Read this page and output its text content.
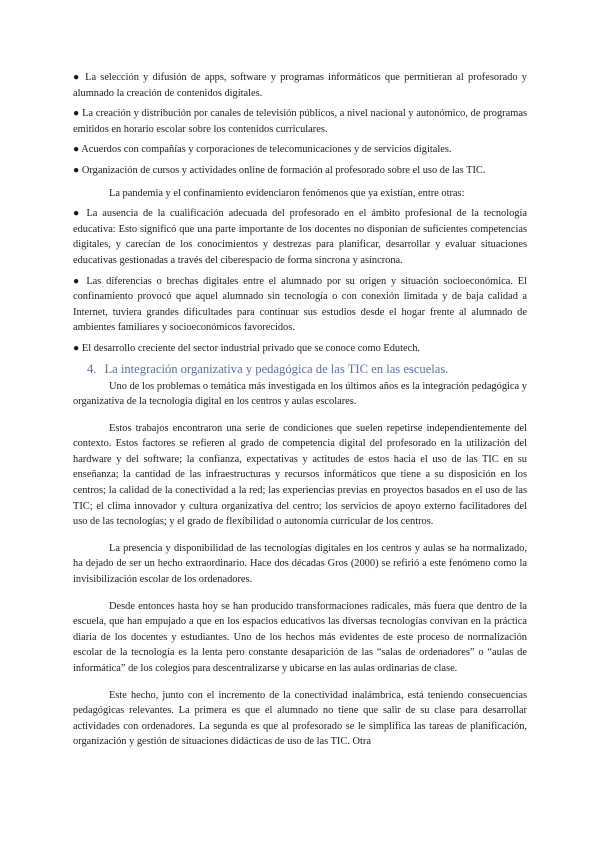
● La selección y difusión de apps, software y programas informáticos que permitieran al profesorado y alumnado la creación de contenidos digitales.

● La creación y distribución por canales de televisión públicos, a nivel nacional y autonómico, de programas emitidos en horario escolar sobre los contenidos curriculares.

● Acuerdos con compañías y corporaciones de telecomunicaciones y de servicios digitales.

● Organización de cursos y actividades online de formación al profesorado sobre el uso de las TIC.

La pandemia y el confinamiento evidenciaron fenómenos que ya existían, entre otras:

● La ausencia de la cualificación adecuada del profesorado en el ámbito profesional de la tecnología educativa: Esto significó que una parte importante de los docentes no disponían de suficientes competencias digitales, y carecían de los conocimientos y destrezas para planificar, desarrollar y evaluar situaciones educativas gestionadas a través del ciberespacio de forma síncrona y asíncrona.

● Las diferencias o brechas digitales entre el alumnado por su origen y situación socioeconómica. El confinamiento provocó que aquel alumnado sin tecnología o con conexión limitada y de baja calidad a Internet, tuviera grandes dificultades para continuar sus estudios desde el hogar frente al alumnado de ambientes familiares y socioeconómicos favorecidos.

● El desarrollo creciente del sector industrial privado que se conoce como Edutech.

4. La integración organizativa y pedagógica de las TIC en las escuelas.

Uno de los problemas o temática más investigada en los últimos años es la integración pedagógica y organizativa de la tecnología digital en los centros y aulas escolares.

Estos trabajos encontraron una serie de condiciones que suelen repetirse independientemente del contexto. Estos factores se refieren al grado de competencia digital del profesorado en la utilización del hardware y del software; la confianza, expectativas y actitudes de estos hacia el uso de las TIC en su enseñanza; la cantidad de las infraestructuras y recursos informáticos que tiene a su disposición en los centros; la calidad de la conectividad a la red; las experiencias previas en proyectos basados en el uso de las TIC; el clima innovador y cultura organizativa del centro; los servicios de apoyo externo facilitadores del uso de las tecnologías; y el grado de flexibilidad o autonomía curricular de los centros.

La presencia y disponibilidad de las tecnologías digitales en los centros y aulas se ha normalizado, ha dejado de ser un hecho extraordinario. Hace dos décadas Gros (2000) se refirió a este fenómeno como la invisibilización escolar de los ordenadores.

Desde entonces hasta hoy se han producido transformaciones radicales, más fuera que dentro de la escuela, que han empujado a que en los espacios educativos las diversas tecnologías convivan en la práctica diaria de los docentes y estudiantes. Uno de los hechos más evidentes de este proceso de normalización escolar de la tecnología es la lenta pero constante desaparición de las “salas de ordenadores” o “aulas de informática” de los colegios para descentralizarse y ubicarse en las aulas ordinarias de clase.

Este hecho, junto con el incremento de la conectividad inalámbrica, está teniendo consecuencias pedagógicas relevantes. La primera es que el alumnado no tiene que salir de su clase para desarrollar actividades con ordenadores. La segunda es que al profesorado se le simplifica las tareas de planificación, organización y gestión de situaciones didácticas de uso de las TIC. Otra
